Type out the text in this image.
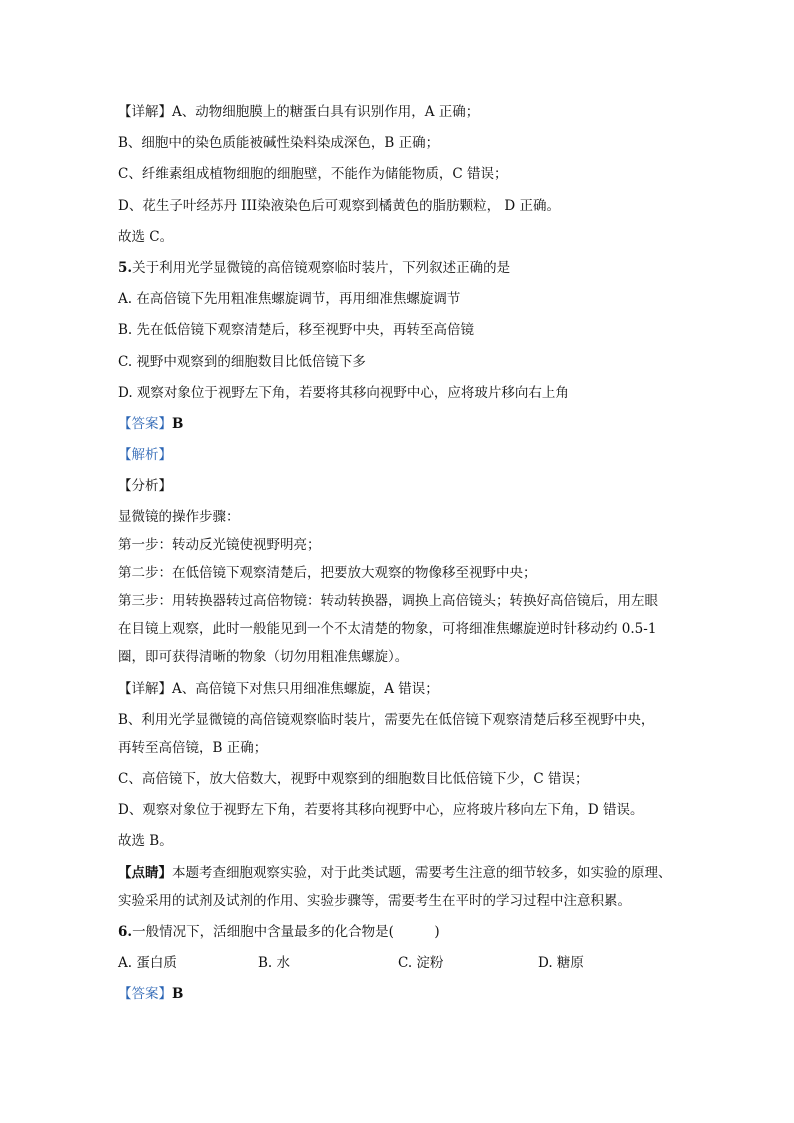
【详解】A、动物细胞膜上的糖蛋白具有识别作用，A 正确；
B、细胞中的染色质能被碱性染料染成深色，B 正确；
C、纤维素组成植物细胞的细胞壁，不能作为储能物质，C 错误；
D、花生子叶经苏丹 III染液染色后可观察到橘黄色的脂肪颗粒， D 正确。
故选 C。
5.关于利用光学显微镜的高倍镜观察临时装片，下列叙述正确的是
A. 在高倍镜下先用粗准焦螺旋调节，再用细准焦螺旋调节
B. 先在低倍镜下观察清楚后，移至视野中央，再转至高倍镜
C. 视野中观察到的细胞数目比低倍镜下多
D. 观察对象位于视野左下角，若要将其移向视野中心，应将玻片移向右上角
【答案】B
【解析】
【分析】
显微镜的操作步骤：
第一步：转动反光镜使视野明亮；
第二步：在低倍镜下观察清楚后，把要放大观察的物像移至视野中央；
第三步：用转换器转过高倍物镜：转动转换器，调换上高倍镜头；转换好高倍镜后，用左眼
在目镜上观察，此时一般能见到一个不太清楚的物象，可将细准焦螺旋逆时针移动约 0.5-1
圈，即可获得清晰的物象（切勿用粗准焦螺旋）。
【详解】A、高倍镜下对焦只用细准焦螺旋，A 错误；
B、利用光学显微镜的高倍镜观察临时装片，需要先在低倍镜下观察清楚后移至视野中央，
再转至高倍镜，B 正确；
C、高倍镜下，放大倍数大，视野中观察到的细胞数目比低倍镜下少，C 错误；
D、观察对象位于视野左下角，若要将其移向视野中心，应将玻片移向左下角，D 错误。
故选 B。
【点睛】本题考查细胞观察实验，对于此类试题，需要考生注意的细节较多，如实验的原理、
实验采用的试剂及试剂的作用、实验步骤等，需要考生在平时的学习过程中注意积累。
6.一般情况下，活细胞中含量最多的化合物是(　　　)
A. 蛋白质	B. 水	C. 淀粉	D. 糖原
【答案】B
